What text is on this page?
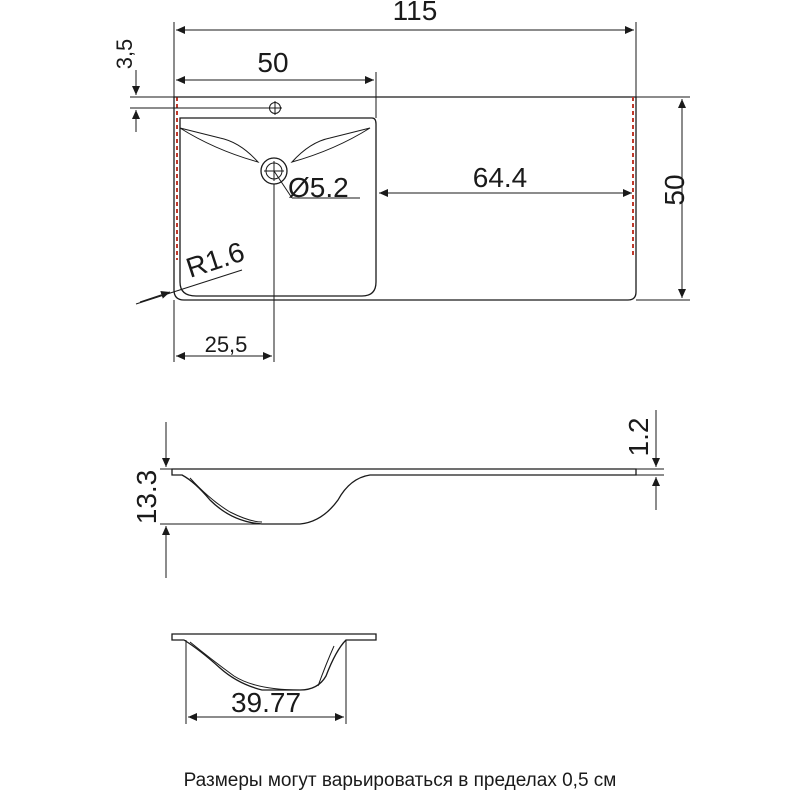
115
50
3,5
Ø5.2	64.4	50
R1.6
25,5
13.3
1.2
39.77
Размеры могут варьироваться в пределах 0,5 см
